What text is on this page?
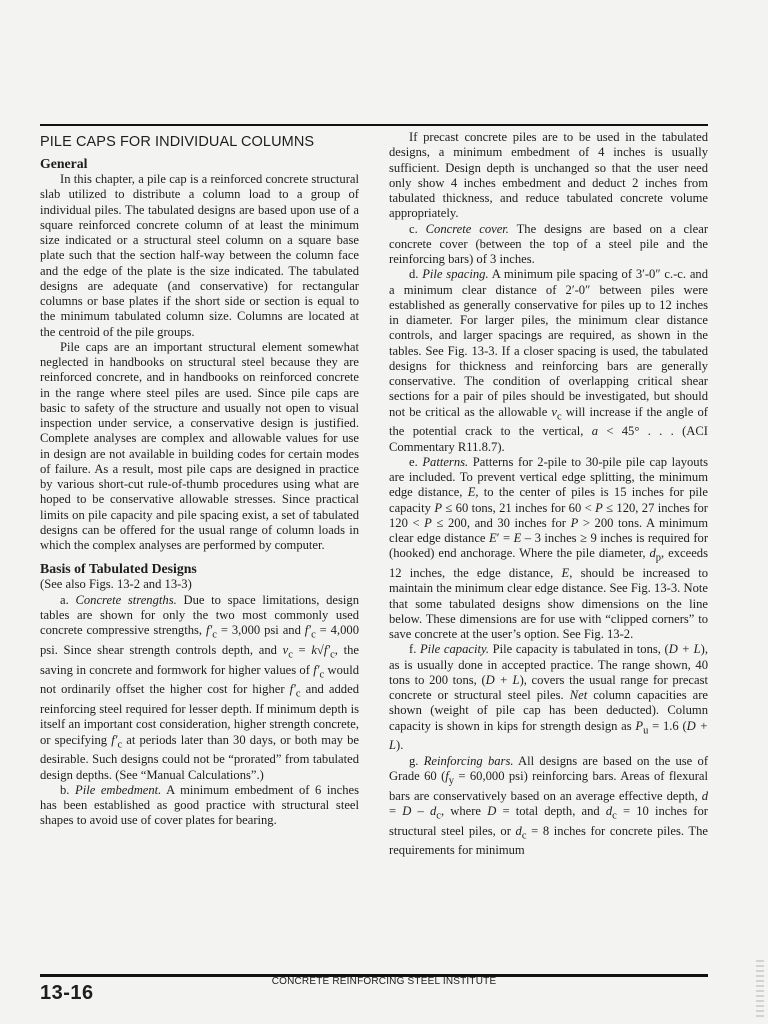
PILE CAPS FOR INDIVIDUAL COLUMNS
General

In this chapter, a pile cap is a reinforced concrete structural slab utilized to distribute a column load to a group of individual piles. The tabulated designs are based upon use of a square reinforced concrete column of at least the minimum size indicated or a structural steel column on a square base plate such that the section half-way between the column face and the edge of the plate is the size indicated. The tabulated designs are adequate (and conservative) for rectangular columns or base plates if the short side or section is equal to the minimum tabulated column size. Columns are located at the centroid of the pile groups.

Pile caps are an important structural element somewhat neglected in handbooks on structural steel because they are reinforced concrete, and in handbooks on reinforced concrete in the range where steel piles are used. Since pile caps are basic to safety of the structure and usually not open to visual inspection under service, a conservative design is justified. Complete analyses are complex and allowable values for use in design are not available in building codes for certain modes of failure. As a result, most pile caps are designed in practice by various short-cut rule-of-thumb procedures using what are hoped to be conservative allowable stresses. Since practical limits on pile capacity and pile spacing exist, a set of tabulated designs can be offered for the usual range of column loads in which the complex analyses are performed by computer.

Basis of Tabulated Designs

(See also Figs. 13-2 and 13-3)

a. Concrete strengths. Due to space limitations, design tables are shown for only the two most commonly used concrete compressive strengths, $f'_c = 3,000$ psi and $f'_c = 4,000$ psi. Since shear strength controls depth, and $v_c = k√f'_c$, the saving in concrete and formwork for higher values of $f'_c$ would not ordinarily offset the higher cost for higher $f'_c$ and added reinforcing steel required for lesser depth. If minimum depth is itself an important cost consideration, higher strength concrete, or specifying $f'_c$ at periods later than 30 days, or both may be desirable. Such designs could not be “prorated” from tabulated design depths. (See “Manual Calculations”.)

b. Pile embedment. A minimum embedment of 6 inches has been established as good practice with structural steel shapes to avoid use of cover plates for bearing.

If precast concrete piles are to be used in the tabulated designs, a minimum embedment of 4 inches is usually sufficient. Design depth is unchanged so that the user need only show 4 inches embedment and deduct 2 inches from tabulated thickness, and reduce tabulated concrete volume appropriately.

c. Concrete cover. The designs are based on a clear concrete cover (between the top of a steel pile and the reinforcing bars) of 3 inches.

d. Pile spacing. A minimum pile spacing of 3′-0″ c.-c. and a minimum clear distance of 2′-0″ between piles were established as generally conservative for piles up to 12 inches in diameter. For larger piles, the minimum clear distance controls, and larger spacings are required, as shown in the tables. See Fig. 13-3. If a closer spacing is used, the tabulated designs for thickness and reinforcing bars are generally conservative. The condition of overlapping critical shear sections for a pair of piles should be investigated, but should not be critical as the allowable $v_c$ will increase if the angle of the potential crack to the vertical, a < 45° . . . (ACI Commentary R11.8.7).

e. Patterns. Patterns for 2-pile to 30-pile pile cap layouts are included. To prevent vertical edge splitting, the minimum edge distance, E, to the center of piles is 15 inches for pile capacity P ≤ 60 tons, 21 inches for 60 < P ≤ 120, 27 inches for 120 < P ≤ 200, and 30 inches for P > 200 tons. A minimum clear edge distance E′ = E – 3 inches ≥ 9 inches is required for (hooked) end anchorage. Where the pile diameter, $d_p$, exceeds 12 inches, the edge distance, E, should be increased to maintain the minimum clear edge distance. See Fig. 13-3. Note that some tabulated designs show dimensions on the line below. These dimensions are for use with “clipped corners” to save concrete at the user’s option. See Fig. 13-2.

f. Pile capacity. Pile capacity is tabulated in tons, (D + L), as is usually done in accepted practice. The range shown, 40 tons to 200 tons, (D + L), covers the usual range for precast concrete or structural steel piles. Net column capacities are shown (weight of pile cap has been deducted). Column capacity is shown in kips for strength design as $P_u = 1.6$ (D + L).

g. Reinforcing bars. All designs are based on the use of Grade 60 ($f_y = 60,000$ psi) reinforcing bars. Areas of flexural bars are conservatively based on an average effective depth, $d = D - d_c$, where D = total depth, and $d_c = 10$ inches for structural steel piles, or $d_c = 8$ inches for concrete piles. The requirements for minimum

CONCRETE REINFORCING STEEL INSTITUTE
13-16
